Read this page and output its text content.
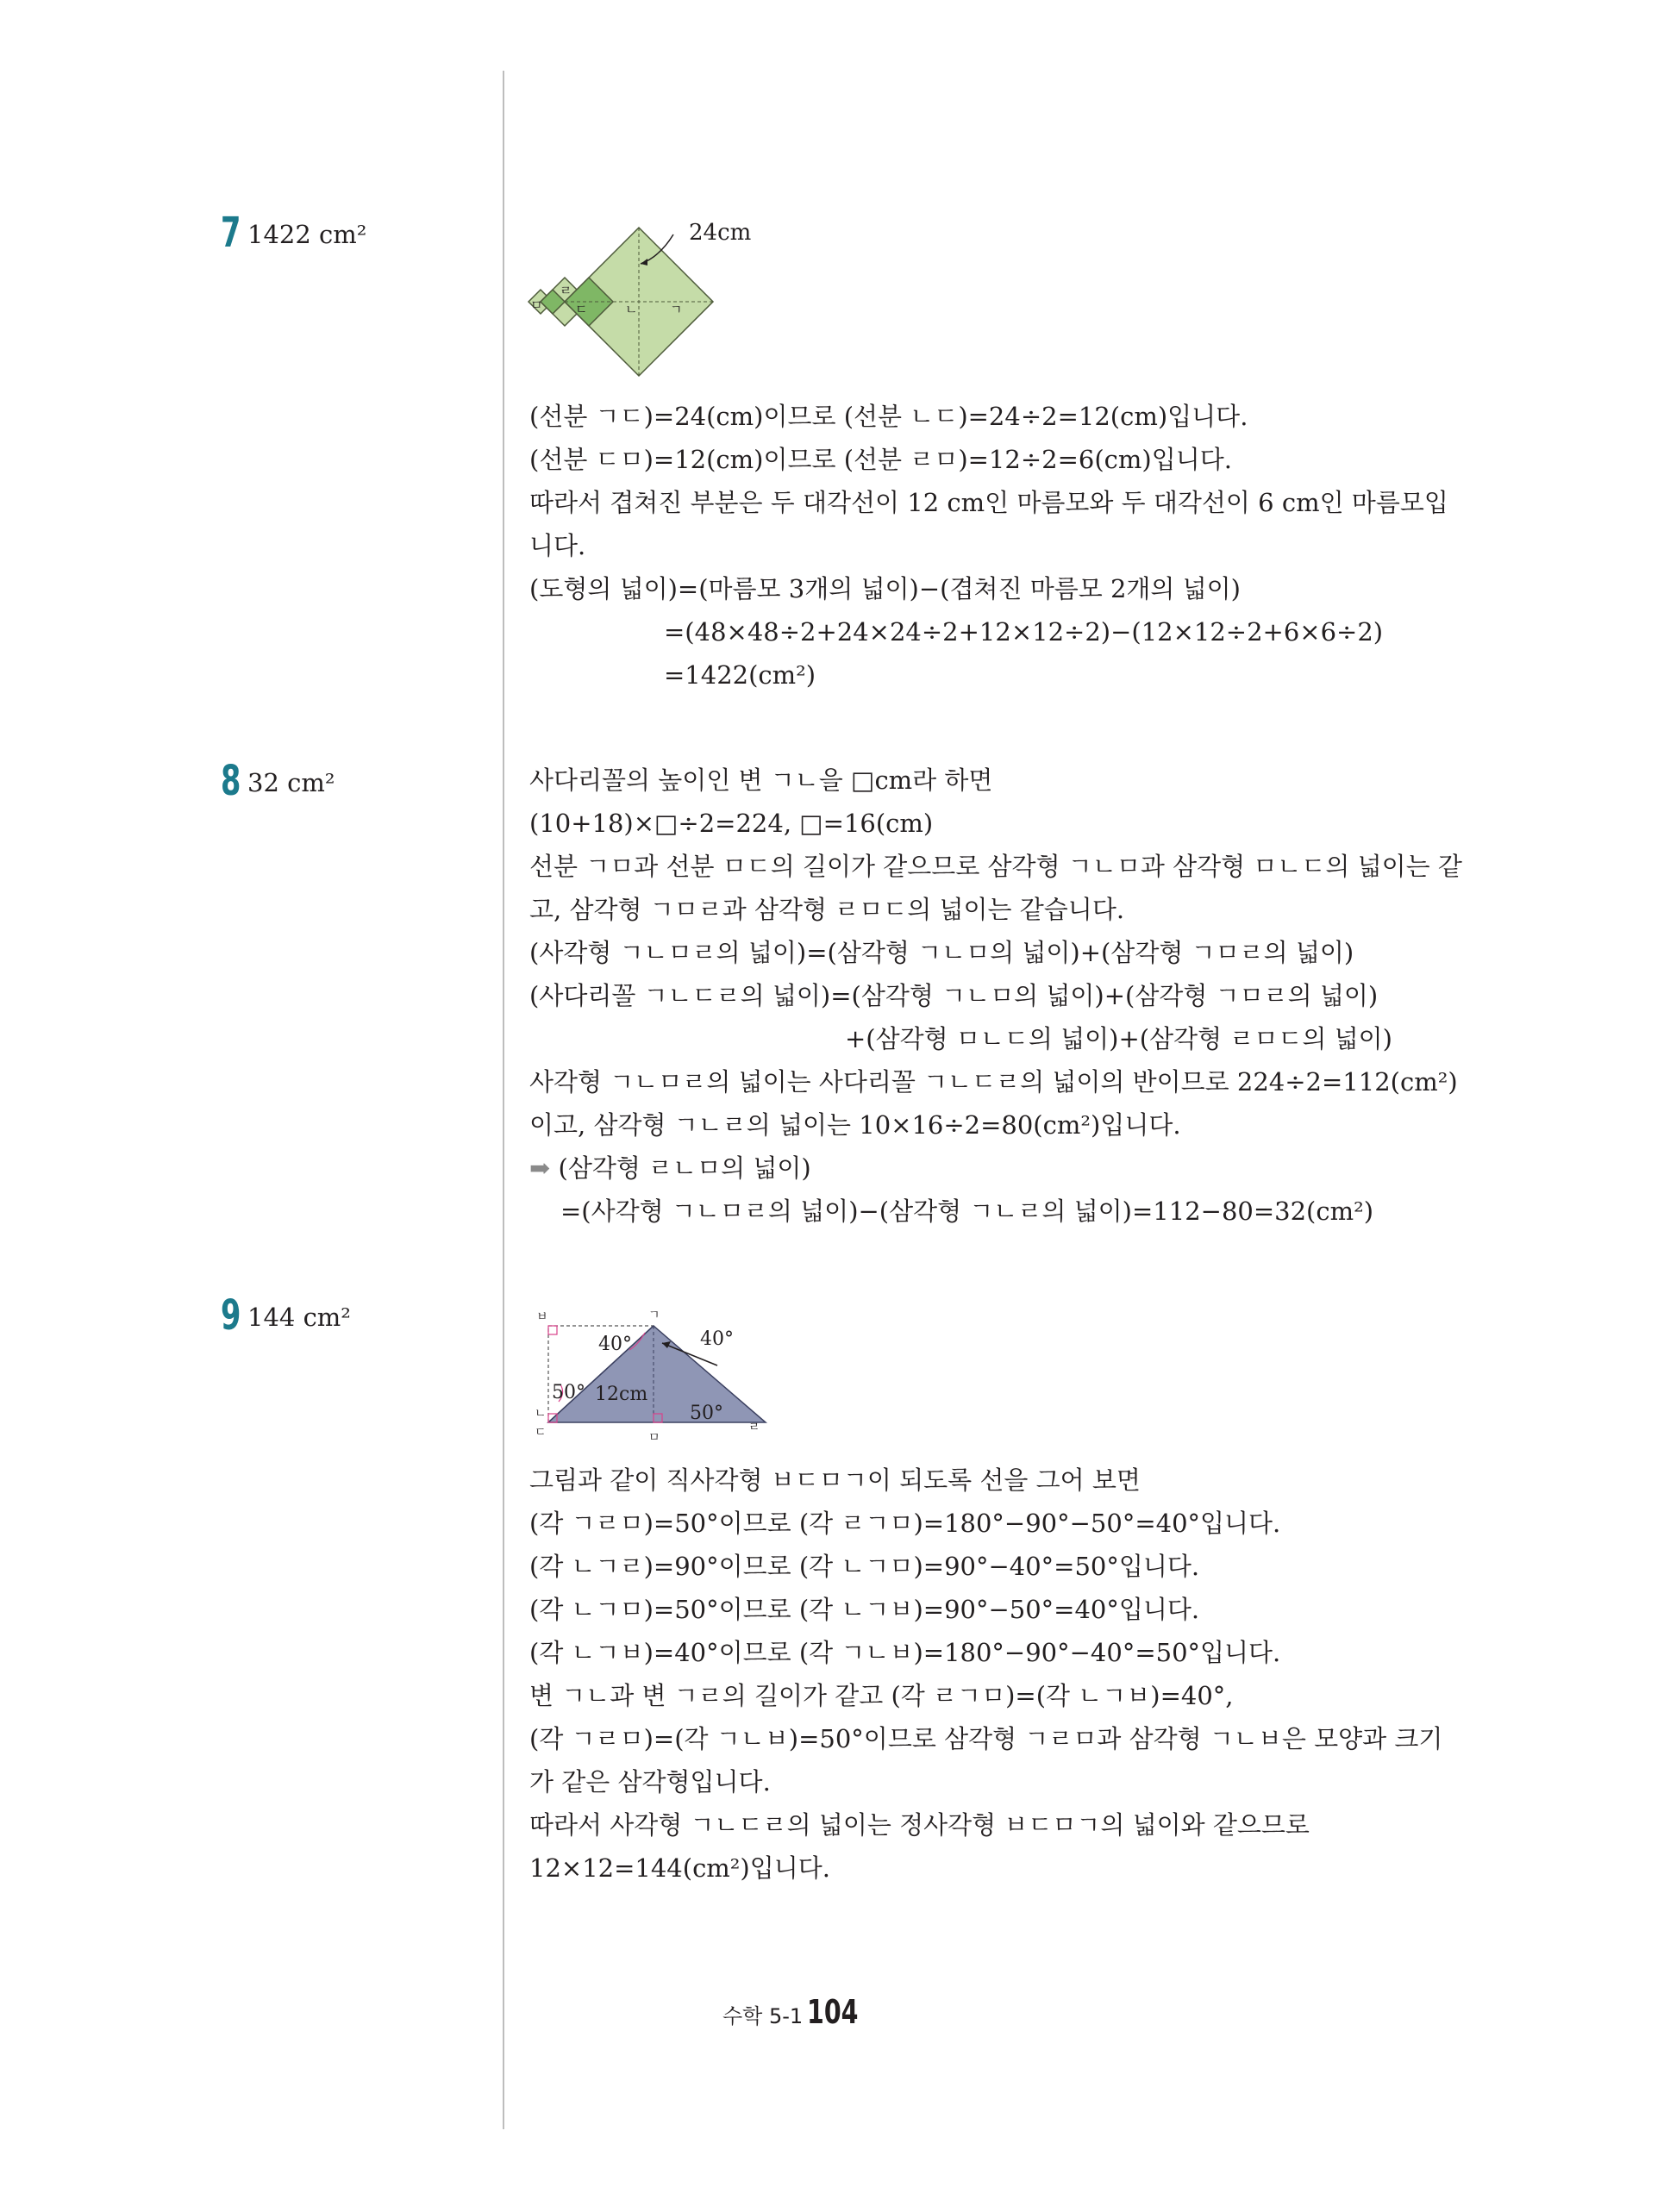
7 1422 cm²	24cm
ㅁ
ㄹ
ㄷ	ㄴ	ㄱ
(선분 ㄱㄷ)=24(cm)이므로 (선분 ㄴㄷ)=24÷2=12(cm)입니다.
(선분 ㄷㅁ)=12(cm)이므로 (선분 ㄹㅁ)=12÷2=6(cm)입니다.
따라서 겹쳐진 부분은 두 대각선이 12 cm인 마름모와 두 대각선이 6 cm인 마름모입
니다.
(도형의 넓이)=(마름모 3개의 넓이)−(겹쳐진 마름모 2개의 넓이)
=(48×48÷2+24×24÷2+12×12÷2)−(12×12÷2+6×6÷2)
=1422(cm²)
8 32 cm²	사다리꼴의 높이인 변 ㄱㄴ을 □cm라 하면
(10+18)×□÷2=224, □=16(cm)
선분 ㄱㅁ과 선분 ㅁㄷ의 길이가 같으므로 삼각형 ㄱㄴㅁ과 삼각형 ㅁㄴㄷ의 넓이는 같
고, 삼각형 ㄱㅁㄹ과 삼각형 ㄹㅁㄷ의 넓이는 같습니다.
(사각형 ㄱㄴㅁㄹ의 넓이)=(삼각형 ㄱㄴㅁ의 넓이)+(삼각형 ㄱㅁㄹ의 넓이)
(사다리꼴 ㄱㄴㄷㄹ의 넓이)=(삼각형 ㄱㄴㅁ의 넓이)+(삼각형 ㄱㅁㄹ의 넓이)
+(삼각형 ㅁㄴㄷ의 넓이)+(삼각형 ㄹㅁㄷ의 넓이)
사각형 ㄱㄴㅁㄹ의 넓이는 사다리꼴 ㄱㄴㄷㄹ의 넓이의 반이므로 224÷2=112(cm²)
이고, 삼각형 ㄱㄴㄹ의 넓이는 10×16÷2=80(cm²)입니다.
➡ (삼각형 ㄹㄴㅁ의 넓이)
=(사각형 ㄱㄴㅁㄹ의 넓이)−(삼각형 ㄱㄴㄹ의 넓이)=112−80=32(cm²)
9 144 cm²
40°	40°
50° 12cm
50°
ㅂ	ㄱ
ㄴ
ㄷ	ㅁ
ㄹ
그림과 같이 직사각형 ㅂㄷㅁㄱ이 되도록 선을 그어 보면
(각 ㄱㄹㅁ)=50°이므로 (각 ㄹㄱㅁ)=180°−90°−50°=40°입니다.
(각 ㄴㄱㄹ)=90°이므로 (각 ㄴㄱㅁ)=90°−40°=50°입니다.
(각 ㄴㄱㅁ)=50°이므로 (각 ㄴㄱㅂ)=90°−50°=40°입니다.
(각 ㄴㄱㅂ)=40°이므로 (각 ㄱㄴㅂ)=180°−90°−40°=50°입니다.
변 ㄱㄴ과 변 ㄱㄹ의 길이가 같고 (각 ㄹㄱㅁ)=(각 ㄴㄱㅂ)=40°,
(각 ㄱㄹㅁ)=(각 ㄱㄴㅂ)=50°이므로 삼각형 ㄱㄹㅁ과 삼각형 ㄱㄴㅂ은 모양과 크기
가 같은 삼각형입니다.
따라서 사각형 ㄱㄴㄷㄹ의 넓이는 정사각형 ㅂㄷㅁㄱ의 넓이와 같으므로
12×12=144(cm²)입니다.
수학 5-1 104
